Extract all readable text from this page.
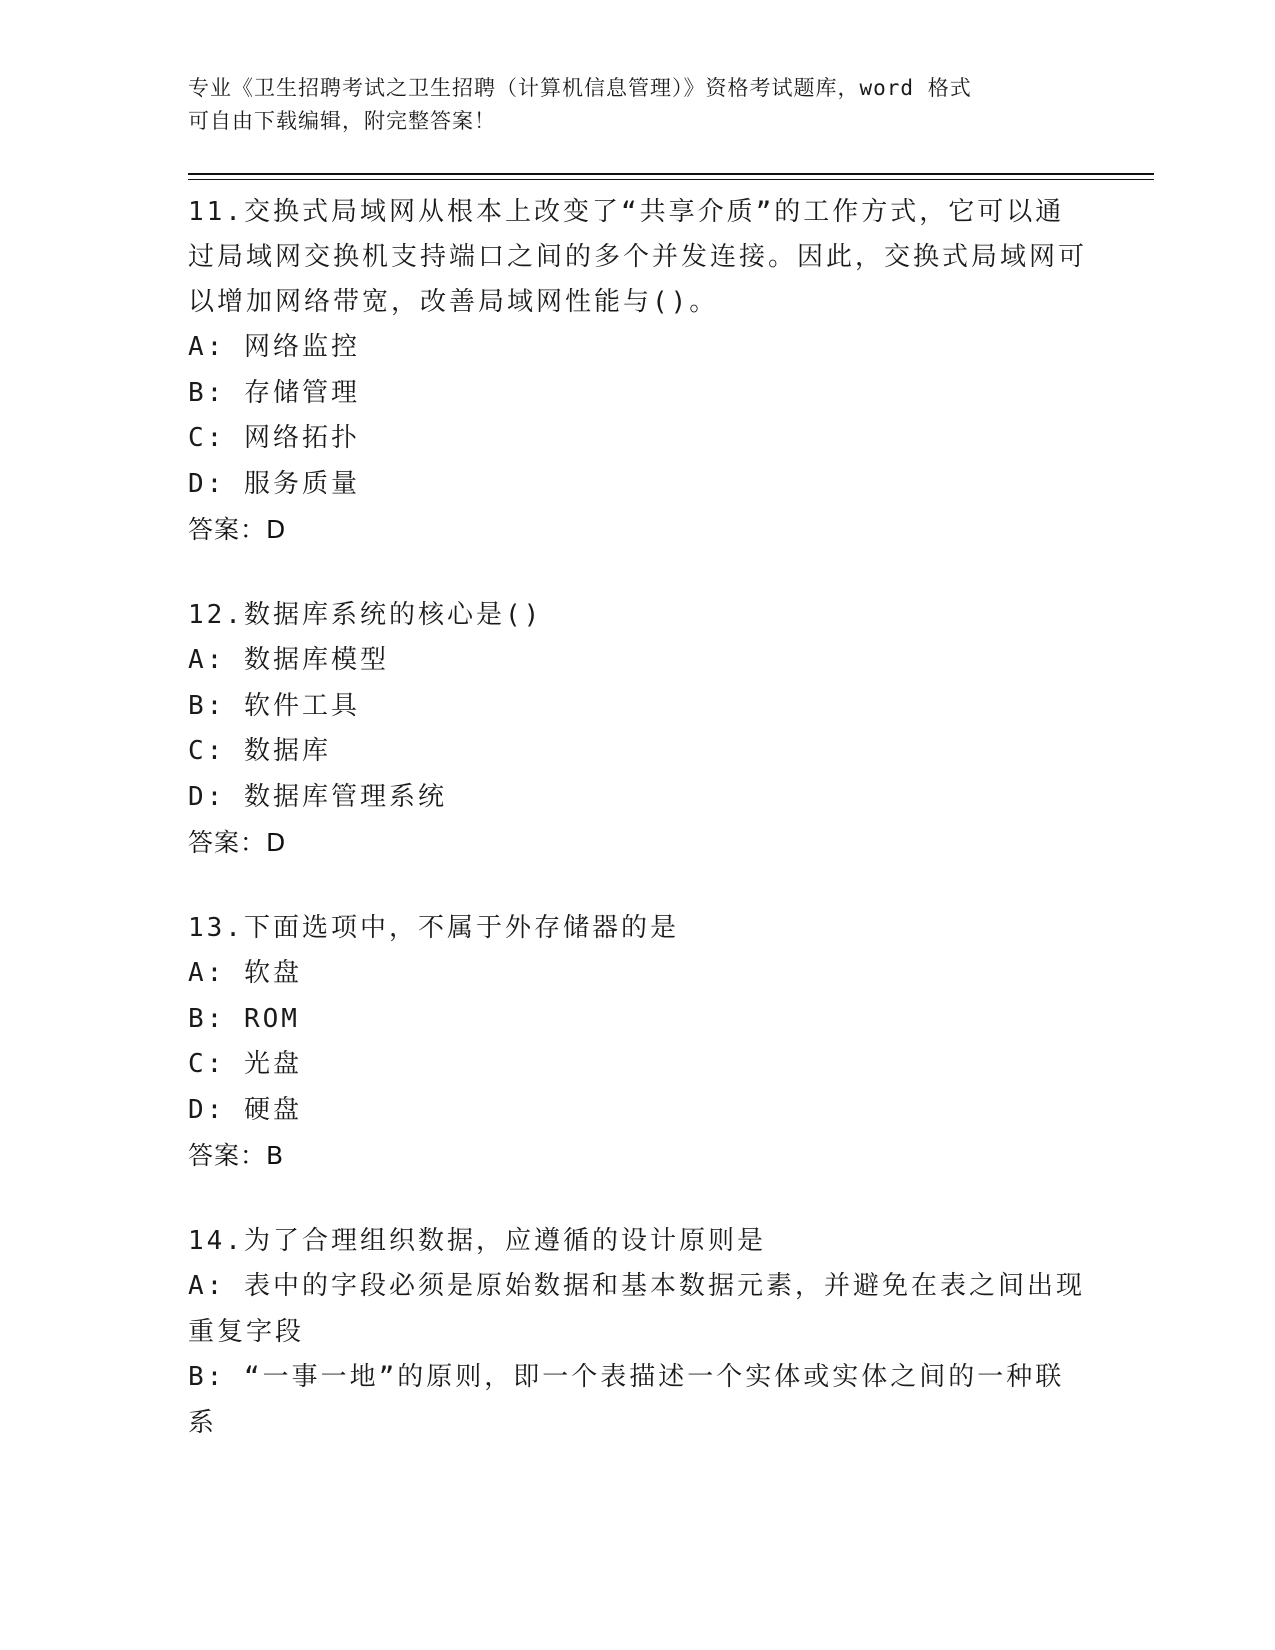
专业《卫生招聘考试之卫生招聘（计算机信息管理）》资格考试题库，word 格式
可自由下载编辑，附完整答案！

11.交换式局域网从根本上改变了“共享介质”的工作方式，它可以通过局域网交换机支持端口之间的多个并发连接。因此，交换式局域网可以增加网络带宽，改善局域网性能与()。

A: 网络监控

B: 存储管理

C: 网络拓扑

D: 服务质量

答案：D

12.数据库系统的核心是()

A: 数据库模型

B: 软件工具

C: 数据库

D: 数据库管理系统

答案：D

13.下面选项中，不属于外存储器的是

A: 软盘

B: ROM

C: 光盘

D: 硬盘

答案：B

14.为了合理组织数据，应遵循的设计原则是

A: 表中的字段必须是原始数据和基本数据元素，并避免在表之间出现重复字段

B: “一事一地”的原则，即一个表描述一个实体或实体之间的一种联系
